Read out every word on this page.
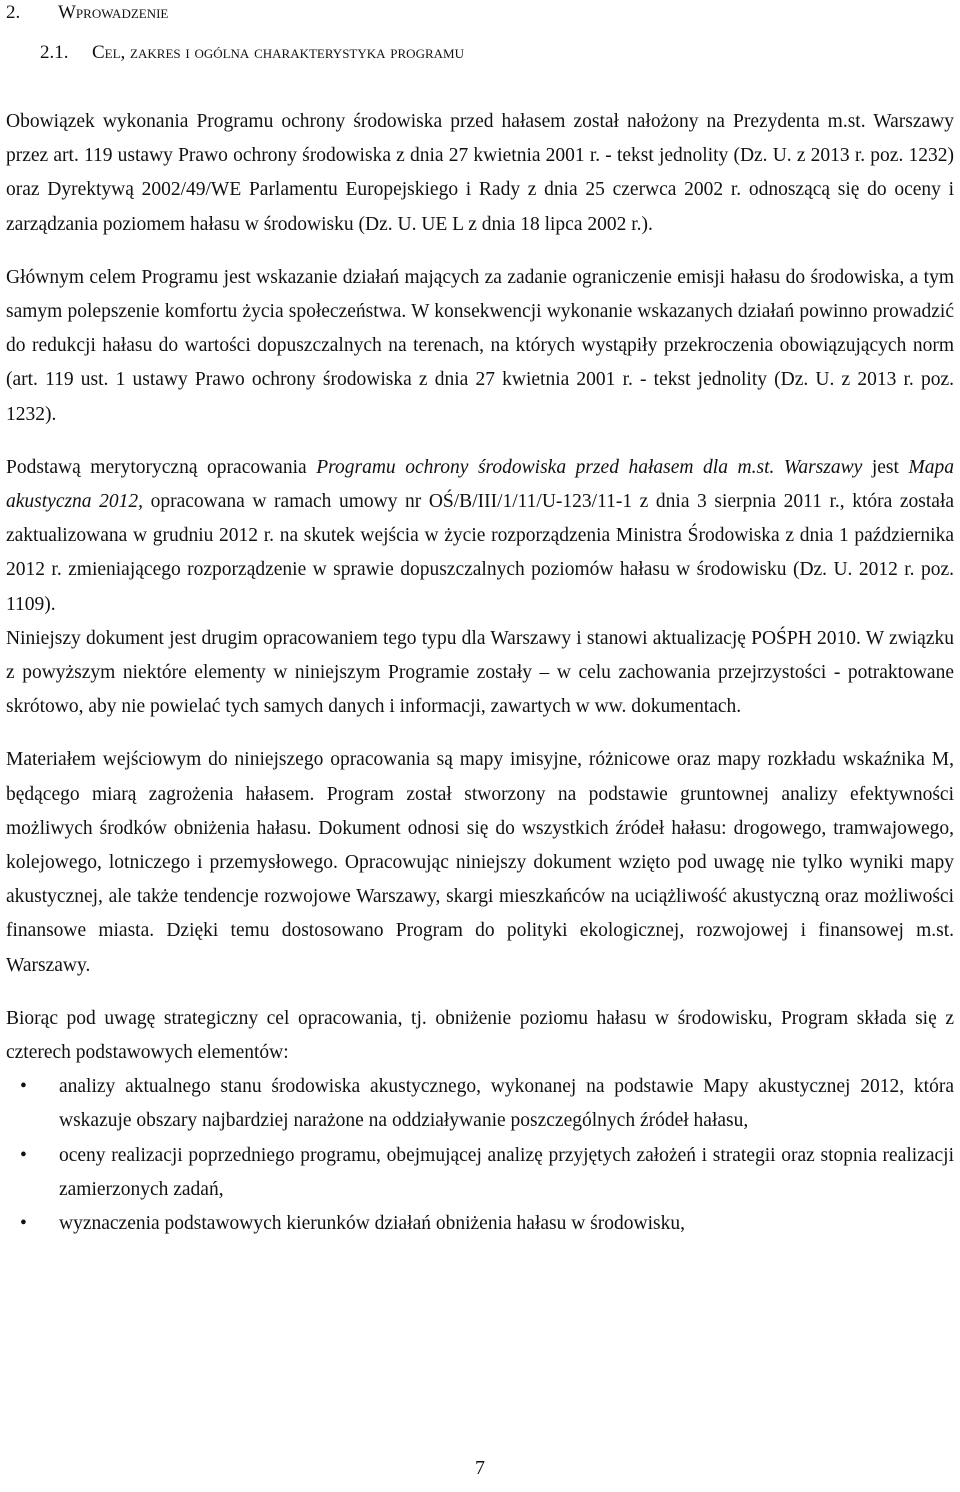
2. Wprowadzenie
2.1. Cel, zakres i ogólna charakterystyka programu

Obowiązek wykonania Programu ochrony środowiska przed hałasem został nałożony na Prezydenta m.st. Warszawy przez art. 119 ustawy Prawo ochrony środowiska z dnia 27 kwietnia 2001 r. - tekst jednolity (Dz. U. z 2013 r. poz. 1232) oraz Dyrektywą 2002/49/WE Parlamentu Europejskiego i Rady z dnia 25 czerwca 2002 r. odnoszącą się do oceny i zarządzania poziomem hałasu w środowisku (Dz. U. UE L z dnia 18 lipca 2002 r.).

Głównym celem Programu jest wskazanie działań mających za zadanie ograniczenie emisji hałasu do środowiska, a tym samym polepszenie komfortu życia społeczeństwa. W konsekwencji wykonanie wskazanych działań powinno prowadzić do redukcji hałasu do wartości dopuszczalnych na terenach, na których wystąpiły przekroczenia obowiązujących norm (art. 119 ust. 1 ustawy Prawo ochrony środowiska z dnia 27 kwietnia 2001 r. - tekst jednolity (Dz. U. z 2013 r. poz. 1232).

Podstawą merytoryczną opracowania Programu ochrony środowiska przed hałasem dla m.st. Warszawy jest Mapa akustyczna 2012, opracowana w ramach umowy nr OŚ/B/III/1/11/U-123/11-1 z dnia 3 sierpnia 2011 r., która została zaktualizowana w grudniu 2012 r. na skutek wejścia w życie rozporządzenia Ministra Środowiska z dnia 1 października 2012 r. zmieniającego rozporządzenie w sprawie dopuszczalnych poziomów hałasu w środowisku (Dz. U. 2012 r. poz. 1109).

Niniejszy dokument jest drugim opracowaniem tego typu dla Warszawy i stanowi aktualizację POŚPH 2010. W związku z powyższym niektóre elementy w niniejszym Programie zostały – w celu zachowania przejrzystości - potraktowane skrótowo, aby nie powielać tych samych danych i informacji, zawartych w ww. dokumentach.

Materiałem wejściowym do niniejszego opracowania są mapy imisyjne, różnicowe oraz mapy rozkładu wskaźnika M, będącego miarą zagrożenia hałasem. Program został stworzony na podstawie gruntownej analizy efektywności możliwych środków obniżenia hałasu. Dokument odnosi się do wszystkich źródeł hałasu: drogowego, tramwajowego, kolejowego, lotniczego i przemysłowego. Opracowując niniejszy dokument wzięto pod uwagę nie tylko wyniki mapy akustycznej, ale także tendencje rozwojowe Warszawy, skargi mieszkańców na uciążliwość akustyczną oraz możliwości finansowe miasta. Dzięki temu dostosowano Program do polityki ekologicznej, rozwojowej i finansowej m.st. Warszawy.

Biorąc pod uwagę strategiczny cel opracowania, tj. obniżenie poziomu hałasu w środowisku, Program składa się z czterech podstawowych elementów:

• analizy aktualnego stanu środowiska akustycznego, wykonanej na podstawie Mapy akustycznej 2012, która wskazuje obszary najbardziej narażone na oddziaływanie poszczególnych źródeł hałasu,
• oceny realizacji poprzedniego programu, obejmującej analizę przyjętych założeń i strategii oraz stopnia realizacji zamierzonych zadań,
• wyznaczenia podstawowych kierunków działań obniżenia hałasu w środowisku,
7
